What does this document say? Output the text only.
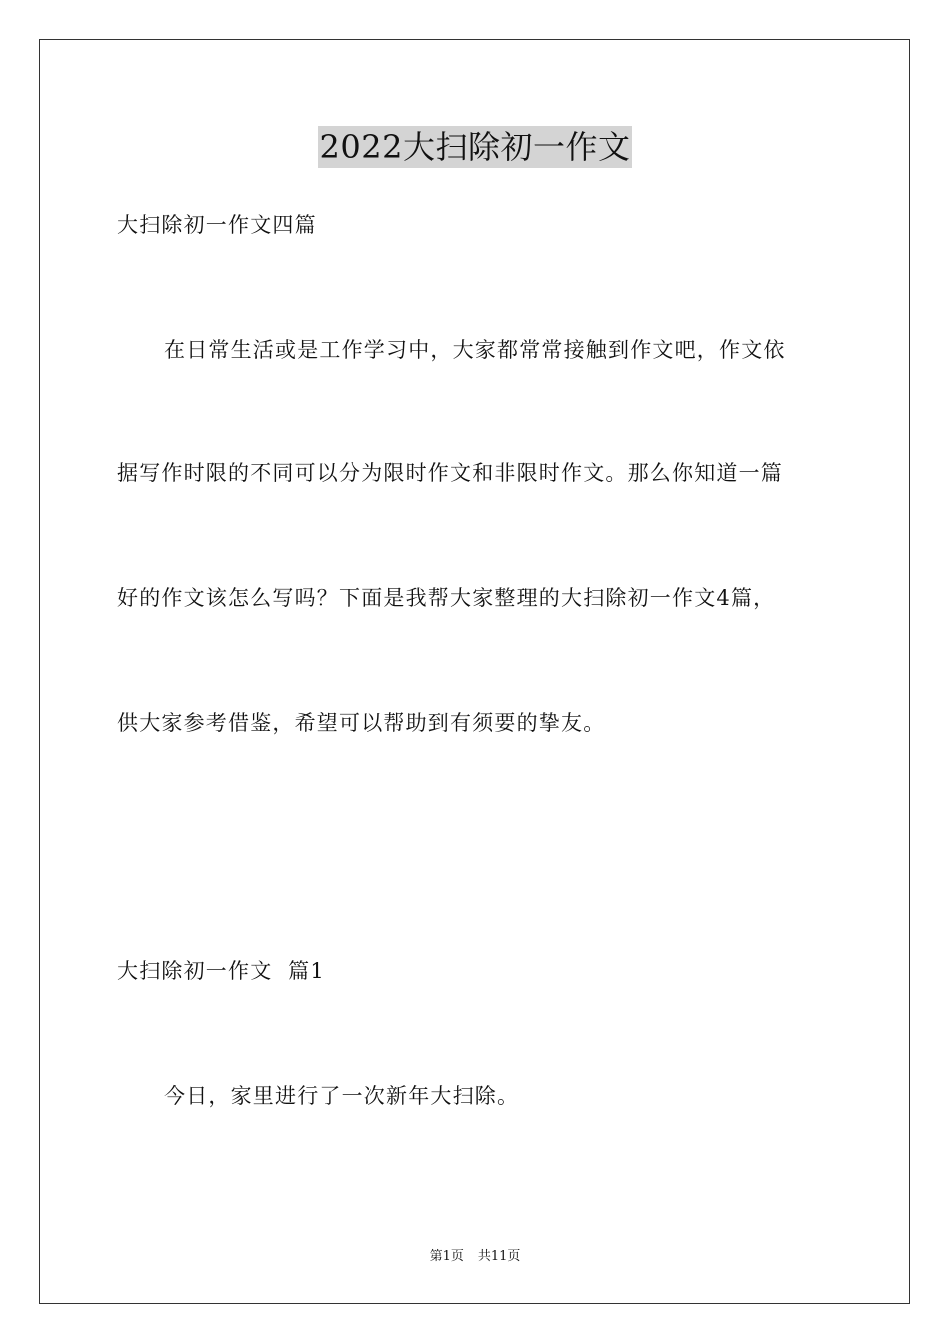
2022大扫除初一作文
大扫除初一作文四篇
在日常生活或是工作学习中，大家都常常接触到作文吧，作文依
据写作时限的不同可以分为限时作文和非限时作文。那么你知道一篇
好的作文该怎么写吗？下面是我帮大家整理的大扫除初一作文4篇，
供大家参考借鉴，希望可以帮助到有须要的挚友。
大扫除初一作文  篇1
今日，家里进行了一次新年大扫除。
第1页 共11页
